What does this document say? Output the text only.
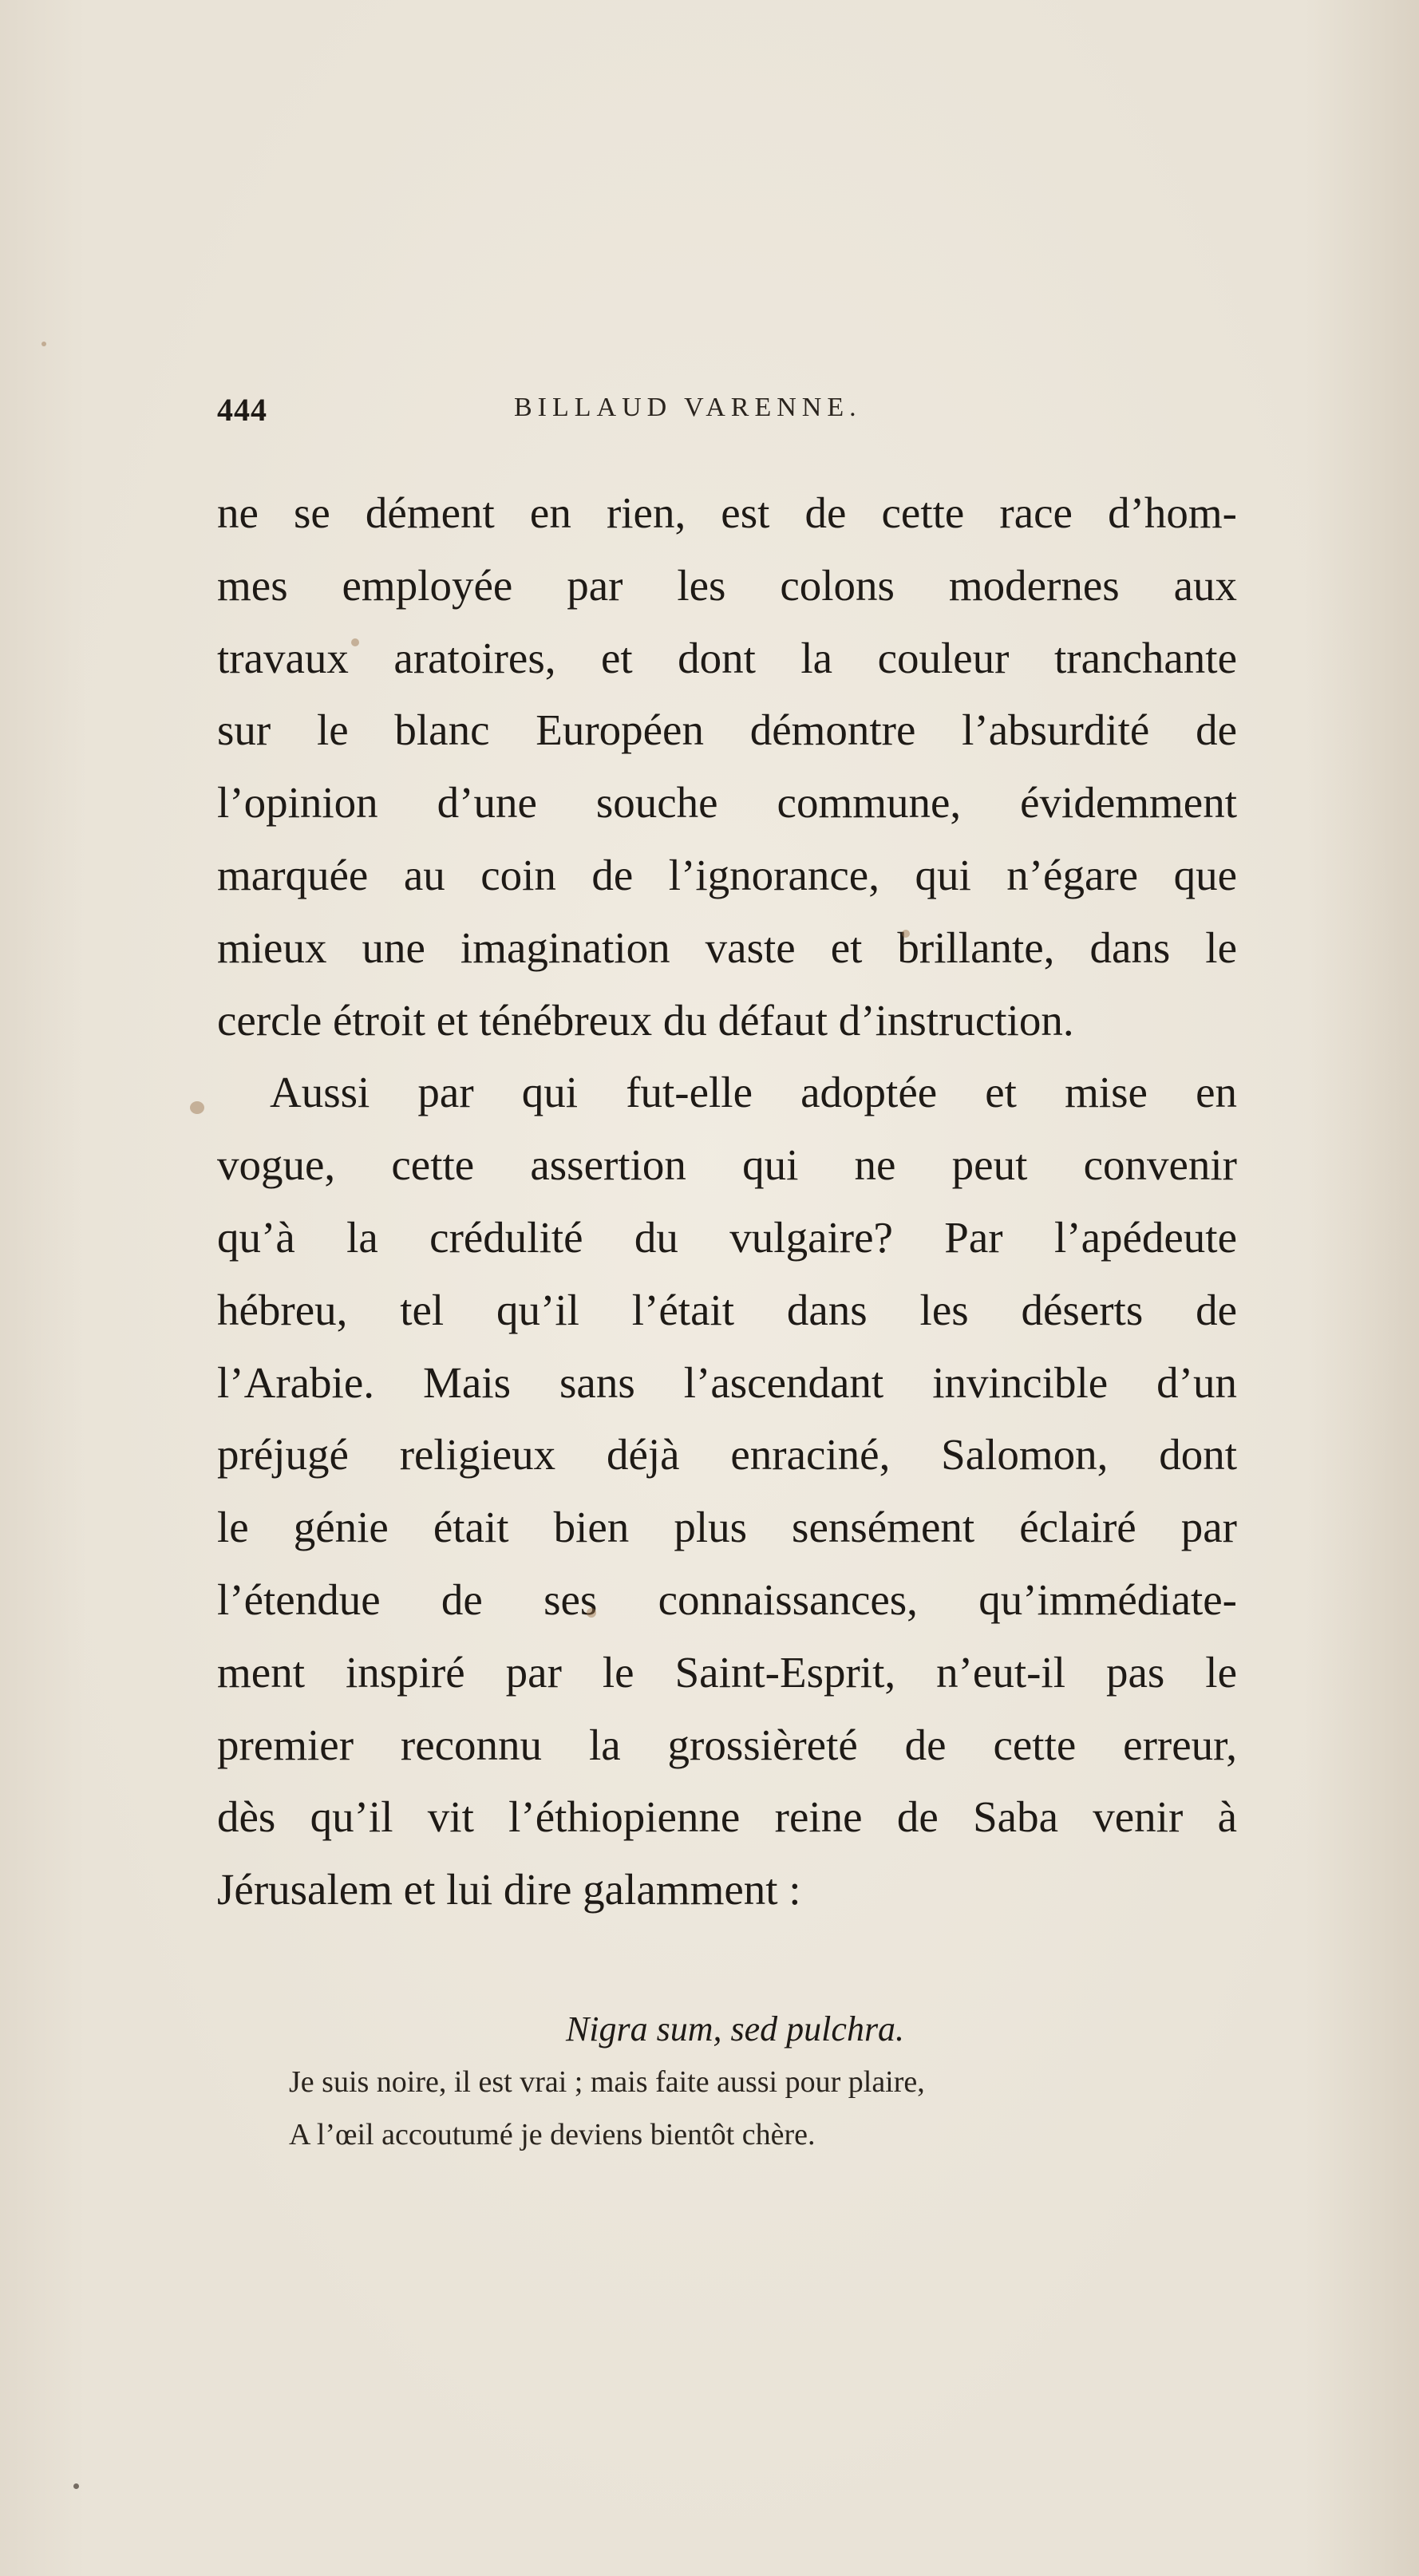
444	BILLAUD VARENNE.
ne se dément en rien, est de cette race d’hom-
mes employée par les colons modernes aux
travaux aratoires, et dont la couleur tranchante
sur le blanc Européen démontre l’absurdité de
l’opinion d’une souche commune, évidemment
marquée au coin de l’ignorance, qui n’égare que
mieux une imagination vaste et brillante, dans le
cercle étroit et ténébreux du défaut d’instruction.
Aussi par qui fut-elle adoptée et mise en
vogue, cette assertion qui ne peut convenir
qu’à la crédulité du vulgaire? Par l’apédeute
hébreu, tel qu’il l’était dans les déserts de
l’Arabie. Mais sans l’ascendant invincible d’un
préjugé religieux déjà enraciné, Salomon, dont
le génie était bien plus sensément éclairé par
l’étendue de ses connaissances, qu’immédiate-
ment inspiré par le Saint-Esprit, n’eut-il pas le
premier reconnu la grossièreté de cette erreur,
dès qu’il vit l’éthiopienne reine de Saba venir à
Jérusalem et lui dire galamment :
Nigra sum, sed pulchra.
Je suis noire, il est vrai ; mais faite aussi pour plaire,
A l’œil accoutumé je deviens bientôt chère.
